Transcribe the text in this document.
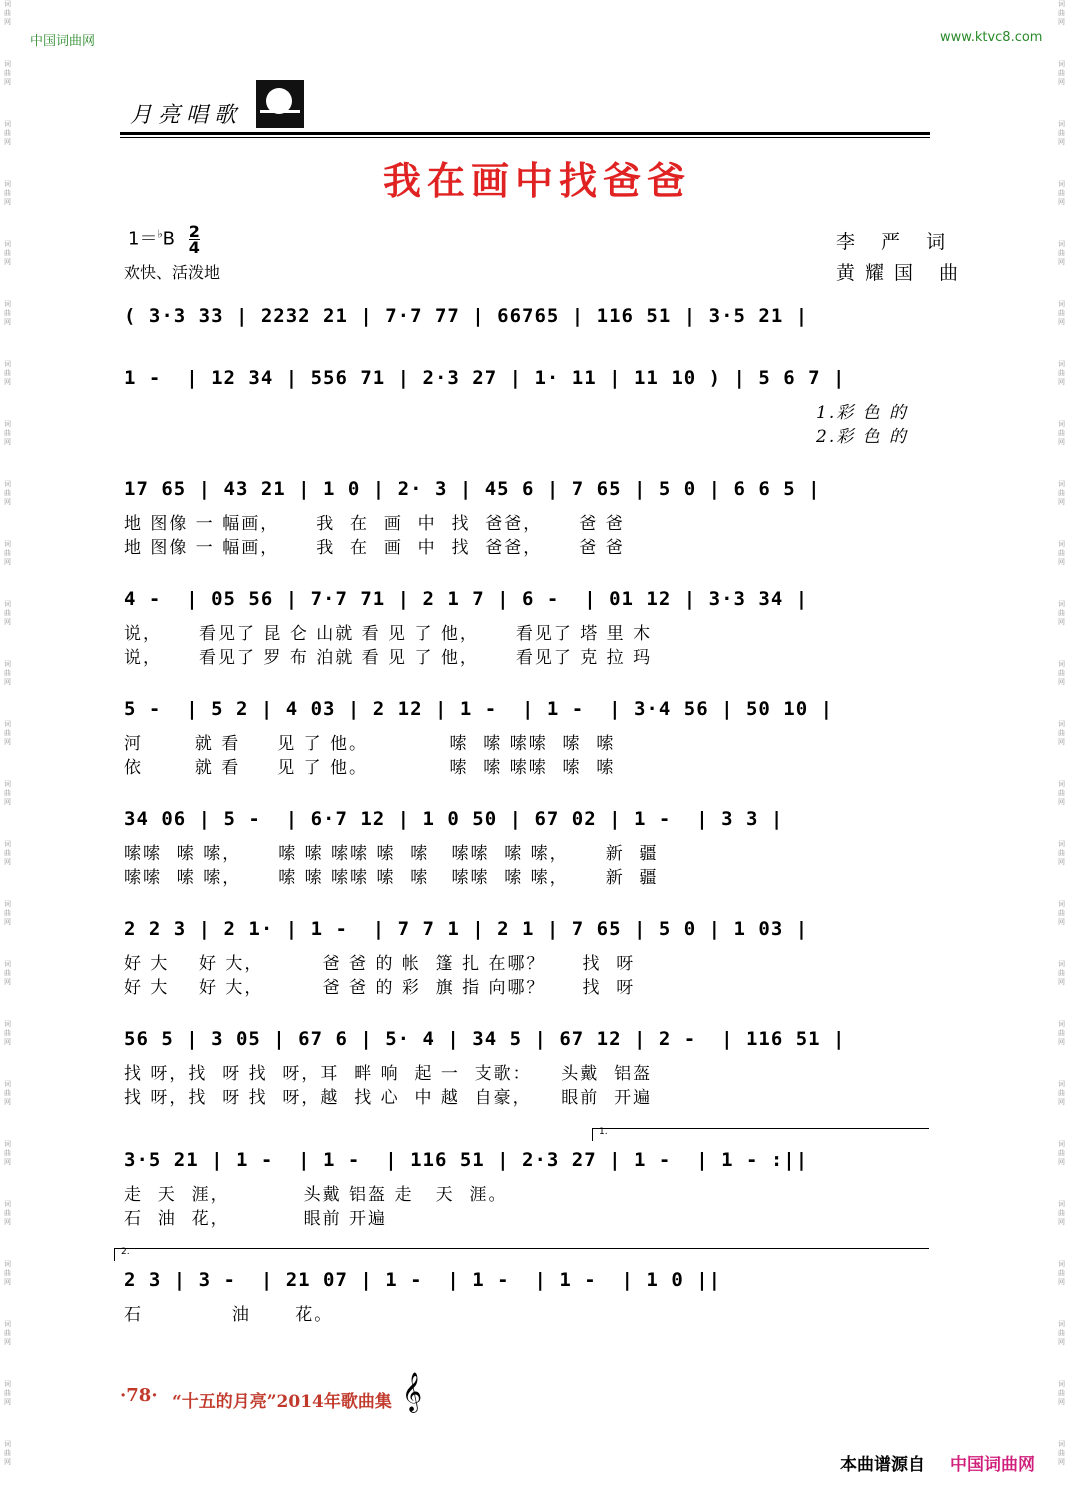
中国词曲网	www.ktvc8.com
词
曲
网
词
曲
网
词
曲
网
词
曲
网
词
曲
网
词
曲
网
词
曲
网
词
曲
网
词
曲
网
词
曲
网
词
曲
网
词
曲
网
词
曲
网
词
曲
网
词
曲
网
词
曲
网
词
曲
网
词
曲
网
词
曲
网
词
曲
网
词
曲
网
词
曲
网
词
曲
网
词
曲
网
词
曲
网
词
曲
网
词
曲
网
词
曲
网
词
曲
网
词
曲
网
词
曲
网
词
曲
网
词
曲
网
词
曲
网
词
曲
网
词
曲
网
词
曲
网
词
曲
网
词
曲
网
词
曲
网
词
曲
网
词
曲
网
词
曲
网
词
曲
网
词
曲
网
词
曲
网
词
曲
网
词
曲
网
词
曲
网
词
曲
网
月亮唱歌
我在画中找爸爸
$1=^♭B \frac{2}{4}$
欢快、活泼地
李 严 词
黄耀国 曲
( 3·3 33 | 2232 21 | 7·7 77 | 66765 | 116 51 | 3·5 21 |
1 -  | 12 34 | 556 71 | 2·3 27 | 1· 11 | 11 10 ) | 5 6 7 |
1.彩 色 的
2.彩 色 的
17 65 | 43 21 | 1 0 | 2· 3 | 45 6 | 7 65 | 5 0 | 6 6 5 |
地 图像 一 幅画，     我  在  画  中  找  爸爸，     爸 爸
地 图像 一 幅画，     我  在  画  中  找  爸爸，     爸 爸
4 -  | 05 56 | 7·7 71 | 2 1 7 | 6 -  | 01 12 | 3·3 34 |
说，     看见了 昆 仑 山就 看 见 了 他，     看见了 塔 里 木
说，     看见了 罗 布 泊就 看 见 了 他，     看见了 克 拉 玛
5 -  | 5 2 | 4 03 | 2 12 | 1 -  | 1 -  | 3·4 56 | 50 10 |
河       就 看     见 了 他。           嗦  嗦 嗦嗦  嗦  嗦
依       就 看     见 了 他。           嗦  嗦 嗦嗦  嗦  嗦
34 06 | 5 -  | 6·7 12 | 1 0 50 | 67 02 | 1 -  | 3 3 |
嗦嗦  嗦 嗦，     嗦 嗦 嗦嗦 嗦  嗦   嗦嗦  嗦 嗦，     新  疆
嗦嗦  嗦 嗦，     嗦 嗦 嗦嗦 嗦  嗦   嗦嗦  嗦 嗦，     新  疆
2 2 3 | 2 1· | 1 -  | 7 7 1 | 2 1 | 7 65 | 5 0 | 1 03 |
好 大    好 大，        爸 爸 的 帐  篷 扎 在哪？     找  呀
好 大    好 大，        爸 爸 的 彩  旗 指 向哪？     找  呀
56 5 | 3 05 | 67 6 | 5· 4 | 34 5 | 67 12 | 2 -  | 116 51 |
找 呀，找  呀 找  呀，耳  畔 响  起 一  支歌：    头戴  铝盔
找 呀，找  呀 找  呀，越  找 心  中 越  自豪，    眼前  开遍
1.
3·5 21 | 1 -  | 1 -  | 116 51 | 2·3 27 | 1 -  | 1 - :||
走  天  涯，          头戴 铝盔 走   天  涯。
石  油  花，          眼前 开遍
2.
2 3 | 3 -  | 21 07 | 1 -  | 1 -  | 1 -  | 1 0 ||
石            油      花。
·78· “十五的月亮”2014年歌曲集 𝄞
本曲谱源自 中国词曲网
